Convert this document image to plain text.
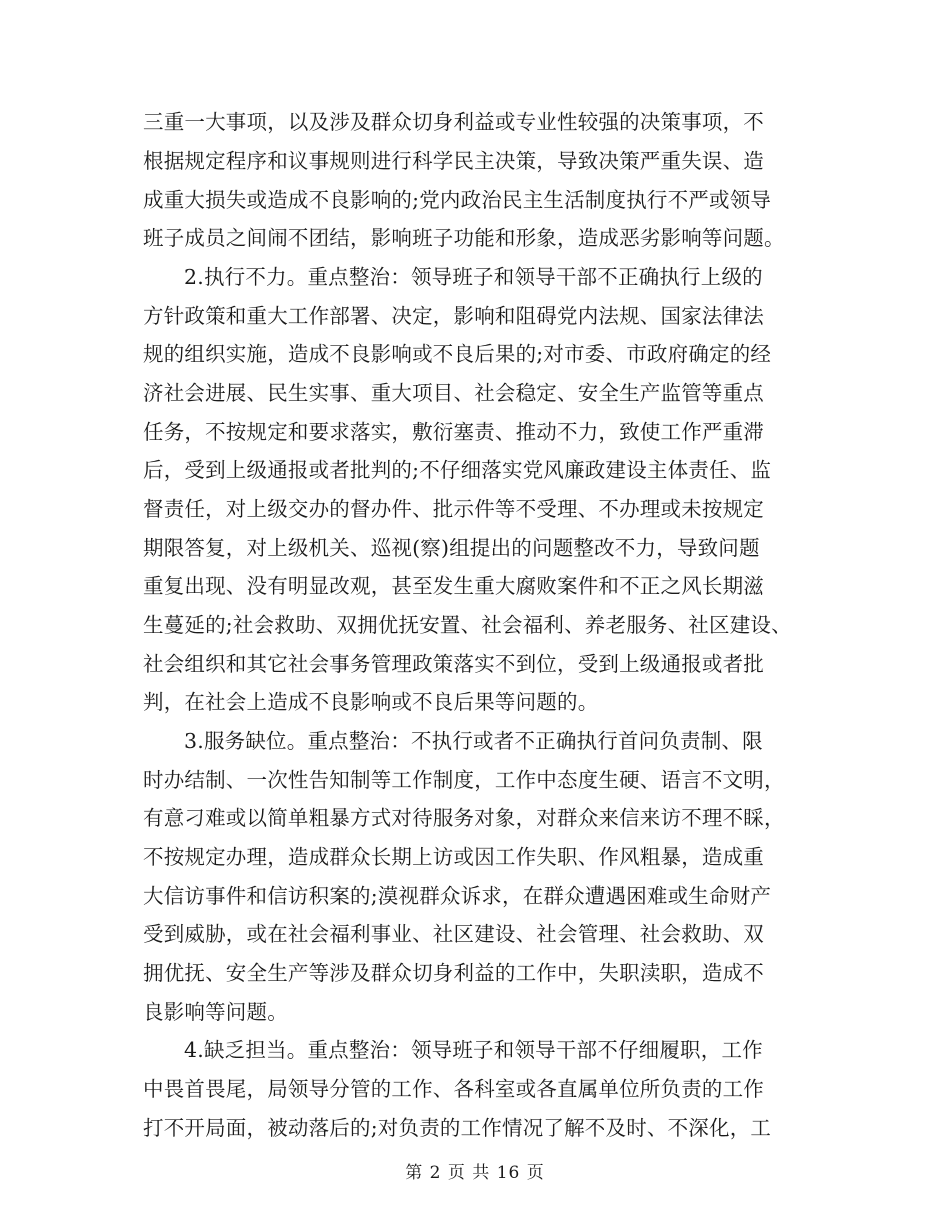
三重一大事项，以及涉及群众切身利益或专业性较强的决策事项，不
根据规定程序和议事规则进行科学民主决策，导致决策严重失误、造
成重大损失或造成不良影响的;党内政治民主生活制度执行不严或领导
班子成员之间闹不团结，影响班子功能和形象，造成恶劣影响等问题。
2.执行不力。重点整治：领导班子和领导干部不正确执行上级的
方针政策和重大工作部署、决定，影响和阻碍党内法规、国家法律法
规的组织实施，造成不良影响或不良后果的;对市委、市政府确定的经
济社会进展、民生实事、重大项目、社会稳定、安全生产监管等重点
任务，不按规定和要求落实，敷衍塞责、推动不力，致使工作严重滞
后，受到上级通报或者批判的;不仔细落实党风廉政建设主体责任、监
督责任，对上级交办的督办件、批示件等不受理、不办理或未按规定
期限答复，对上级机关、巡视(察)组提出的问题整改不力，导致问题
重复出现、没有明显改观，甚至发生重大腐败案件和不正之风长期滋
生蔓延的;社会救助、双拥优抚安置、社会福利、养老服务、社区建设、
社会组织和其它社会事务管理政策落实不到位，受到上级通报或者批
判，在社会上造成不良影响或不良后果等问题的。
3.服务缺位。重点整治：不执行或者不正确执行首问负责制、限
时办结制、一次性告知制等工作制度，工作中态度生硬、语言不文明，
有意刁难或以简单粗暴方式对待服务对象，对群众来信来访不理不睬，
不按规定办理，造成群众长期上访或因工作失职、作风粗暴，造成重
大信访事件和信访积案的;漠视群众诉求，在群众遭遇困难或生命财产
受到威胁，或在社会福利事业、社区建设、社会管理、社会救助、双
拥优抚、安全生产等涉及群众切身利益的工作中，失职渎职，造成不
良影响等问题。
4.缺乏担当。重点整治：领导班子和领导干部不仔细履职，工作
中畏首畏尾，局领导分管的工作、各科室或各直属单位所负责的工作
打不开局面，被动落后的;对负责的工作情况了解不及时、不深化，工
第 2 页 共 16 页
